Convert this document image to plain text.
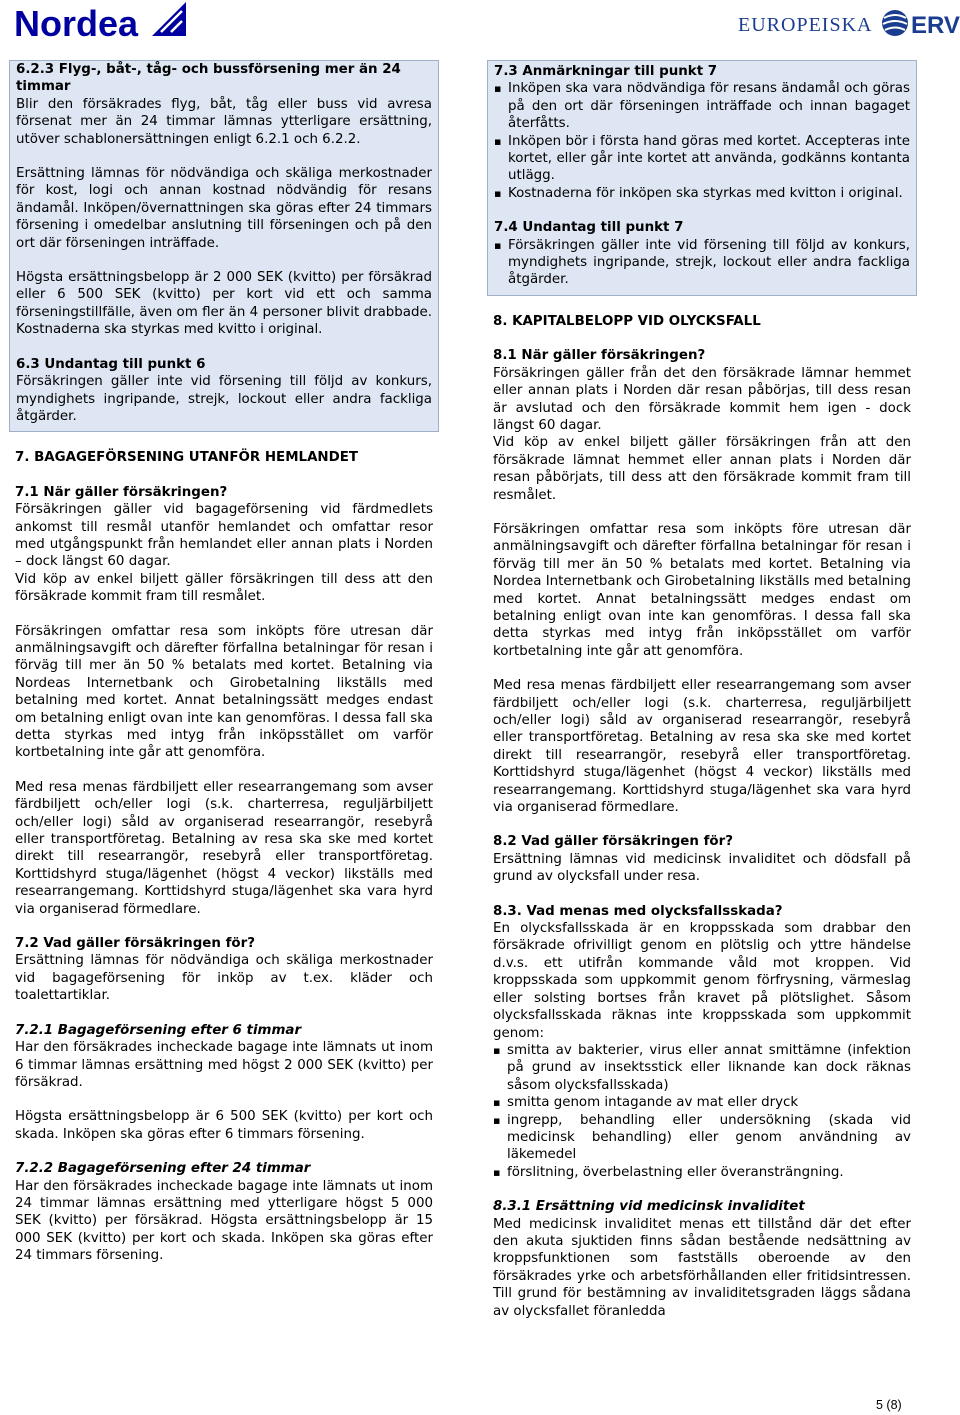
Nordea	EUROPEISKA ERV
6.2.3 Flyg-, båt-, tåg- och bussförsening mer än 24 timmar

Blir den försäkrades flyg, båt, tåg eller buss vid avresa försenat mer än 24 timmar lämnas ytterligare ersättning, utöver schablonersättningen enligt 6.2.1 och 6.2.2.

Ersättning lämnas för nödvändiga och skäliga merkostnader för kost, logi och annan kostnad nödvändig för resans ändamål. Inköpen/övernattningen ska göras efter 24 timmars försening i omedelbar anslutning till förseningen och på den ort där förseningen inträffade.

Högsta ersättningsbelopp är 2 000 SEK (kvitto) per försäkrad eller 6 500 SEK (kvitto) per kort vid ett och samma förseningstillfälle, även om fler än 4 personer blivit drabbade. Kostnaderna ska styrkas med kvitto i original.

6.3 Undantag till punkt 6

Försäkringen gäller inte vid försening till följd av konkurs, myndighets ingripande, strejk, lockout eller andra fackliga åtgärder.

7. BAGAGEFÖRSENING UTANFÖR HEMLANDET
7.1 När gäller försäkringen?

Försäkringen gäller vid bagageförsening vid färdmedlets ankomst till resmål utanför hemlandet och omfattar resor med utgångspunkt från hemlandet eller annan plats i Norden – dock längst 60 dagar.

Vid köp av enkel biljett gäller försäkringen till dess att den försäkrade kommit fram till resmålet.

Försäkringen omfattar resa som inköpts före utresan där anmälningsavgift och därefter förfallna betalningar för resan i förväg till mer än 50 % betalats med kortet. Betalning via Nordeas Internetbank och Girobetalning likställs med betalning med kortet. Annat betalningssätt medges endast om betalning enligt ovan inte kan genomföras. I dessa fall ska detta styrkas med intyg från inköpsstället om varför kortbetalning inte går att genomföra.

Med resa menas färdbiljett eller researrangemang som avser färdbiljett och/eller logi (s.k. charterresa, reguljärbiljett och/eller logi) såld av organiserad researrangör, resebyrå eller transportföretag. Betalning av resa ska ske med kortet direkt till researrangör, resebyrå eller transportföretag. Korttidshyrd stuga/lägenhet (högst 4 veckor) likställs med researrangemang. Korttidshyrd stuga/lägenhet ska vara hyrd via organiserad förmedlare.

7.2 Vad gäller försäkringen för?

Ersättning lämnas för nödvändiga och skäliga merkostnader vid bagageförsening för inköp av t.ex. kläder och toalettartiklar.

7.2.1 Bagageförsening efter 6 timmar

Har den försäkrades incheckade bagage inte lämnats ut inom 6 timmar lämnas ersättning med högst 2 000 SEK (kvitto) per försäkrad.

Högsta ersättningsbelopp är 6 500 SEK (kvitto) per kort och skada. Inköpen ska göras efter 6 timmars försening.

7.2.2 Bagageförsening efter 24 timmar

Har den försäkrades incheckade bagage inte lämnats ut inom 24 timmar lämnas ersättning med ytterligare högst 5 000 SEK (kvitto) per försäkrad. Högsta ersättningsbelopp är 15 000 SEK (kvitto) per kort och skada. Inköpen ska göras efter 24 timmars försening.

7.3 Anmärkningar till punkt 7
▪ Inköpen ska vara nödvändiga för resans ändamål och göras på den ort där förseningen inträffade och innan bagaget återfåtts.
▪ Inköpen bör i första hand göras med kortet. Accepteras inte kortet, eller går inte kortet att använda, godkänns kontanta utlägg.
▪ Kostnaderna för inköpen ska styrkas med kvitton i original.
7.4 Undantag till punkt 7
▪ Försäkringen gäller inte vid försening till följd av konkurs, myndighets ingripande, strejk, lockout eller andra fackliga åtgärder.
8. KAPITALBELOPP VID OLYCKSFALL
8.1 När gäller försäkringen?

Försäkringen gäller från det den försäkrade lämnar hemmet eller annan plats i Norden där resan påbörjas, till dess resan är avslutad och den försäkrade kommit hem igen - dock längst 60 dagar.

Vid köp av enkel biljett gäller försäkringen från att den försäkrade lämnat hemmet eller annan plats i Norden där resan påbörjats, till dess att den försäkrade kommit fram till resmålet.

Försäkringen omfattar resa som inköpts före utresan där anmälningsavgift och därefter förfallna betalningar för resan i förväg till mer än 50 % betalats med kortet. Betalning via Nordea Internetbank och Girobetalning likställs med betalning med kortet. Annat betalningssätt medges endast om betalning enligt ovan inte kan genomföras. I dessa fall ska detta styrkas med intyg från inköpsstället om varför kortbetalning inte går att genomföra.

Med resa menas färdbiljett eller researrangemang som avser färdbiljett och/eller logi (s.k. charterresa, reguljärbiljett och/eller logi) såld av organiserad researrangör, resebyrå eller transportföretag. Betalning av resa ska ske med kortet direkt till researrangör, resebyrå eller transportföretag. Korttidshyrd stuga/lägenhet (högst 4 veckor) likställs med researrangemang. Korttidshyrd stuga/lägenhet ska vara hyrd via organiserad förmedlare.

8.2 Vad gäller försäkringen för?

Ersättning lämnas vid medicinsk invaliditet och dödsfall på grund av olycksfall under resa.

8.3. Vad menas med olycksfallsskada?

En olycksfallsskada är en kroppsskada som drabbar den försäkrade ofrivilligt genom en plötslig och yttre händelse d.v.s. ett utifrån kommande våld mot kroppen. Vid kroppsskada som uppkommit genom förfrysning, värmeslag eller solsting bortses från kravet på plötslighet. Såsom olycksfallsskada räknas inte kroppsskada som uppkommit genom:

▪ smitta av bakterier, virus eller annat smittämne (infektion på grund av insektsstick eller liknande kan dock räknas såsom olycksfallsskada)
▪ smitta genom intagande av mat eller dryck
▪ ingrepp, behandling eller undersökning (skada vid medicinsk behandling) eller genom användning av läkemedel
▪ förslitning, överbelastning eller överansträngning.
8.3.1 Ersättning vid medicinsk invaliditet

Med medicinsk invaliditet menas ett tillstånd där det efter den akuta sjuktiden finns sådan bestående nedsättning av kroppsfunktionen som fastställs oberoende av den försäkrades yrke och arbetsförhållanden eller fritidsintressen. Till grund för bestämning av invaliditetsgraden läggs sådana av olycksfallet föranledda

5 (8)
